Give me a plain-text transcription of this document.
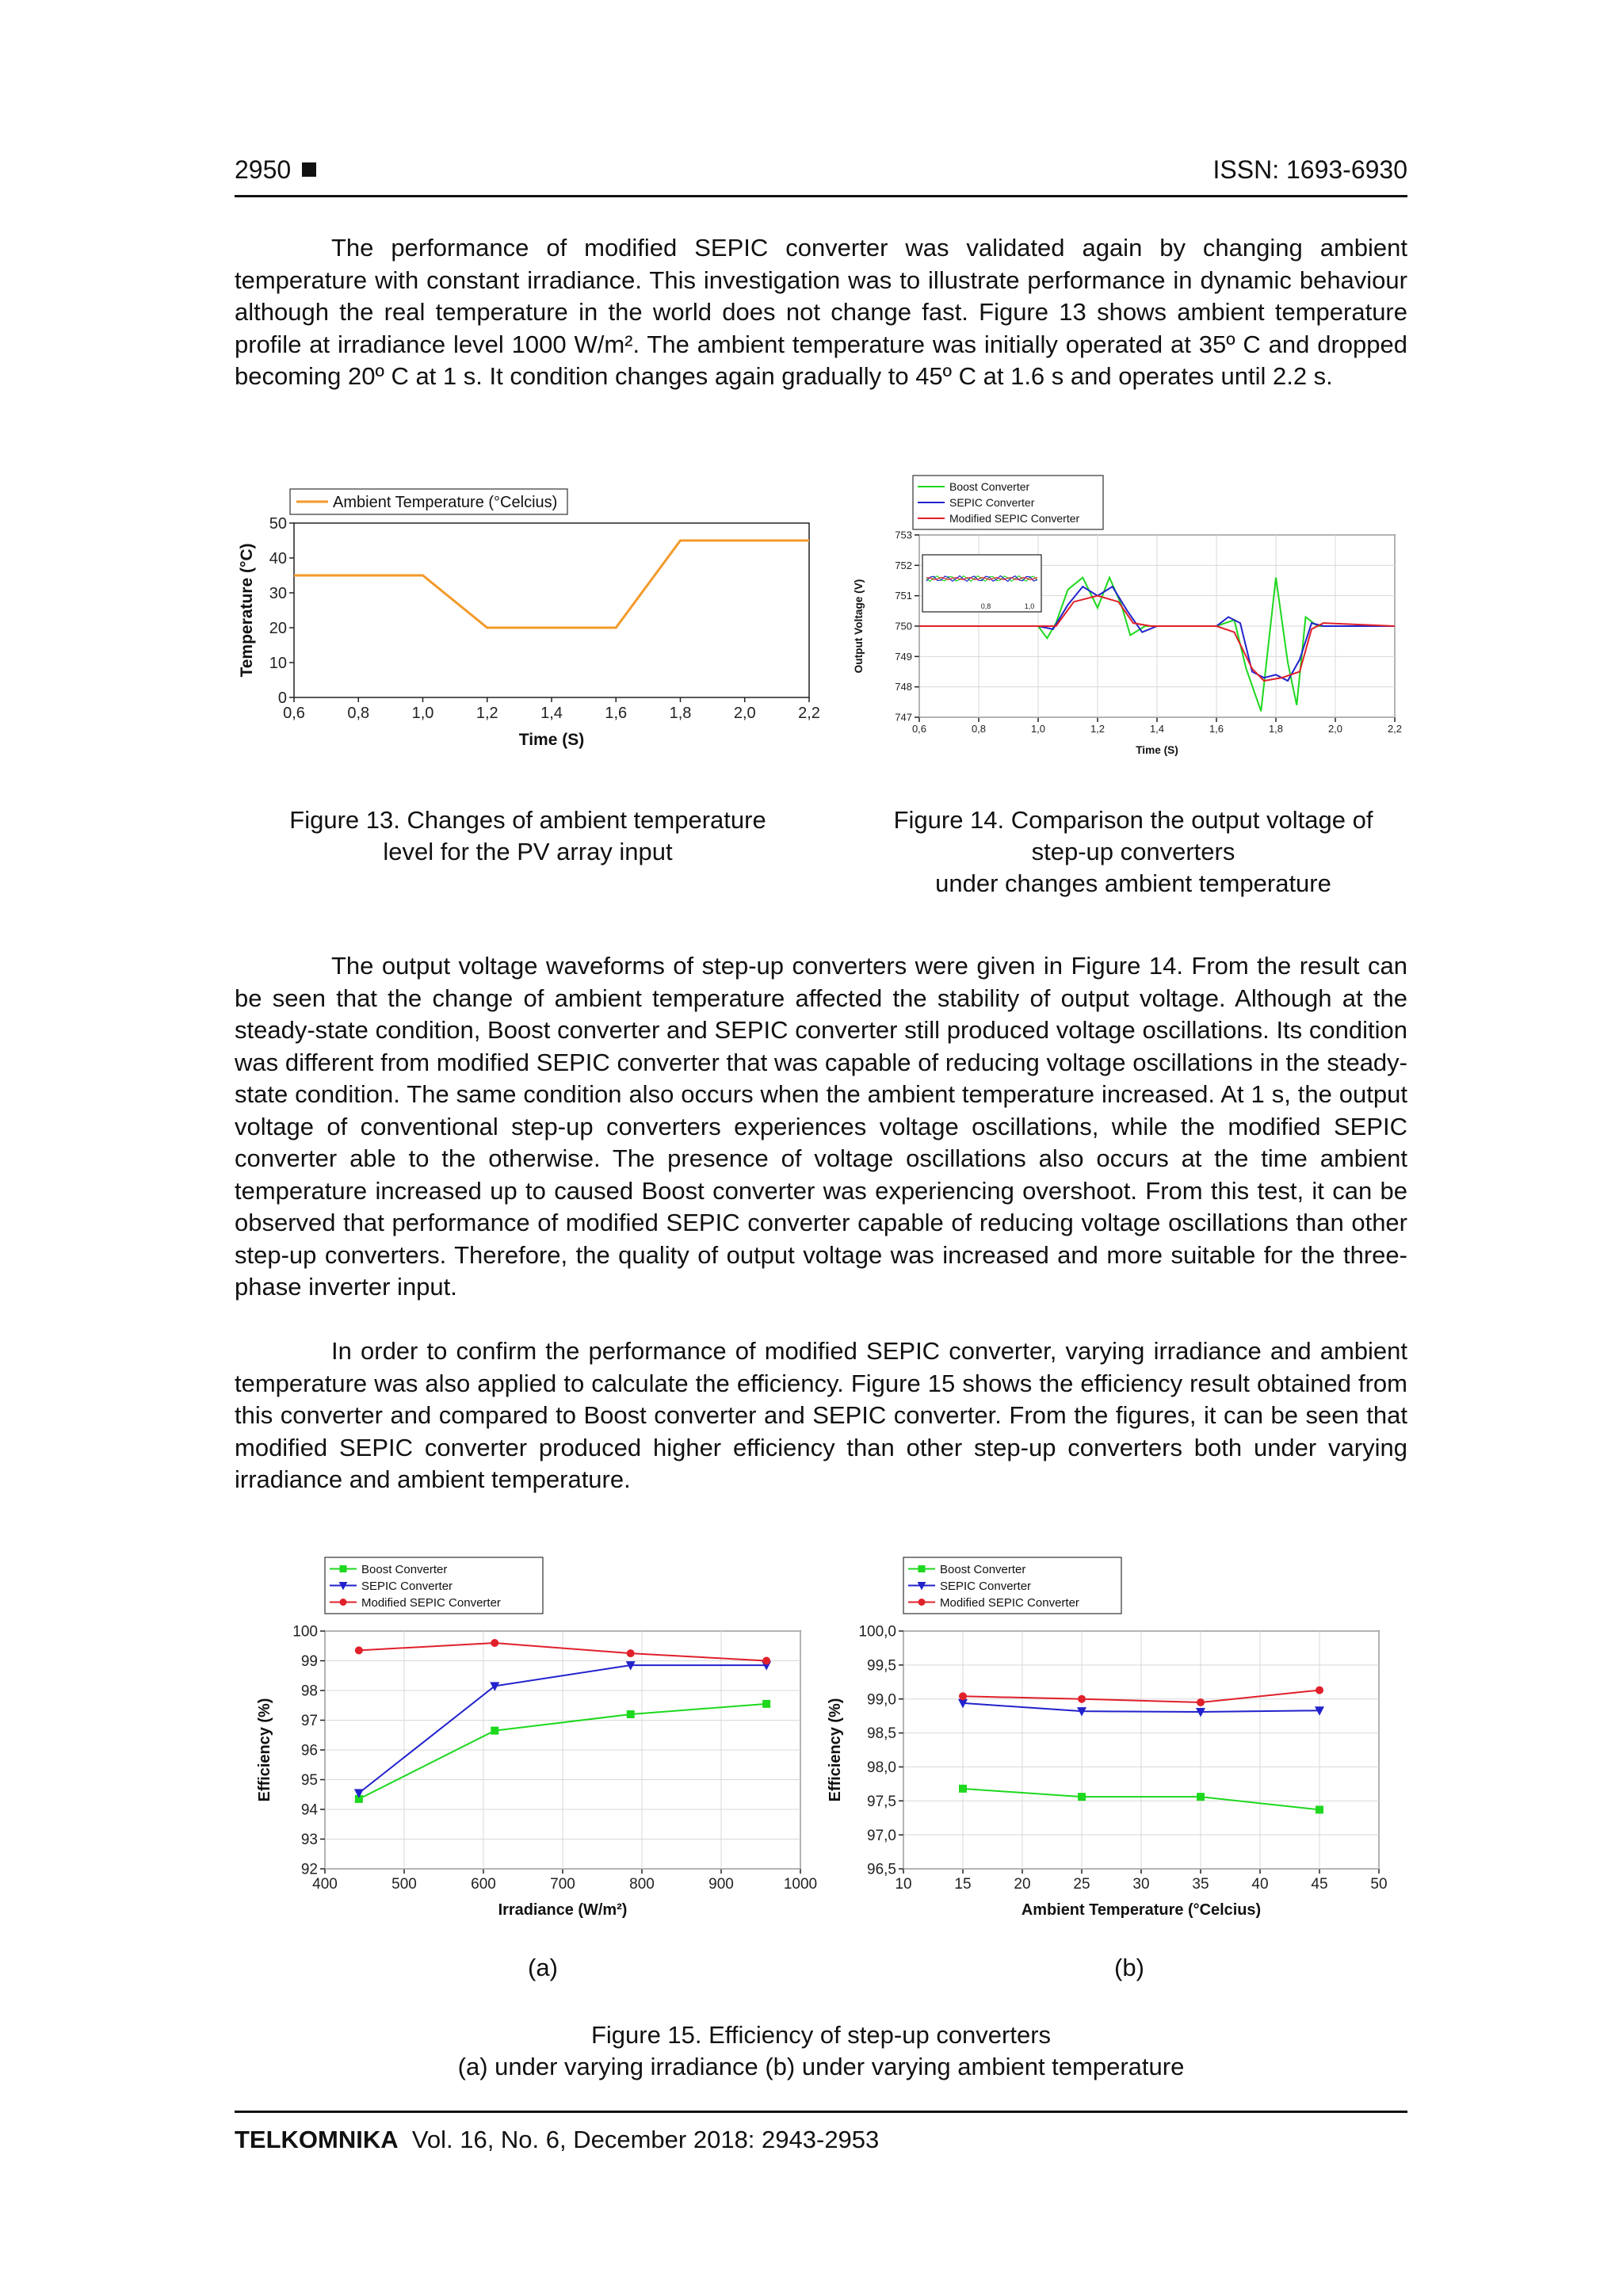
2950	ISSN: 1693-6930

The performance of modified SEPIC converter was validated again by changing ambient temperature with constant irradiance. This investigation was to illustrate performance in dynamic behaviour although the real temperature in the world does not change fast. Figure 13 shows ambient temperature profile at irradiance level 1000 W/m². The ambient temperature was initially operated at 35º C and dropped becoming 20º C at 1 s. It condition changes again gradually to 45º C at 1.6 s and operates until 2.2 s.

0,6	0,8	1,0	1,2	1,4	1,6	1,8	2,0	2,2
0
10
20
30
40
50
Time (S)
Temperature (°C)
Ambient Temperature (°Celcius)
0,6	0,8	1,0	1,2	1,4	1,6	1,8	2,0	2,2
747
748
749
750
751
752
753
Time (S)
Output Voltage (V)	0,8	1,0
Boost Converter
SEPIC Converter
Modified SEPIC Converter

Figure 13. Changes of ambient temperature
level for the PV array input

Figure 14. Comparison the output voltage of
step-up converters
under changes ambient temperature

The output voltage waveforms of step-up converters were given in Figure 14. From the result can be seen that the change of ambient temperature affected the stability of output voltage. Although at the steady-state condition, Boost converter and SEPIC converter still produced voltage oscillations. Its condition was different from modified SEPIC converter that was capable of reducing voltage oscillations in the steady-state condition. The same condition also occurs when the ambient temperature increased. At 1 s, the output voltage of conventional step-up converters experiences voltage oscillations, while the modified SEPIC converter able to the otherwise. The presence of voltage oscillations also occurs at the time ambient temperature increased up to caused Boost converter was experiencing overshoot. From this test, it can be observed that performance of modified SEPIC converter capable of reducing voltage oscillations than other step-up converters. Therefore, the quality of output voltage was increased and more suitable for the three-phase inverter input.

In order to confirm the performance of modified SEPIC converter, varying irradiance and ambient temperature was also applied to calculate the efficiency. Figure 15 shows the efficiency result obtained from this converter and compared to Boost converter and SEPIC converter. From the figures, it can be seen that modified SEPIC converter produced higher efficiency than other step-up converters both under varying irradiance and ambient temperature.

400	500	600	700	800	900	1000
92
93
94
95
96
97
98
99
100
Irradiance (W/m²)
Efficiency (%)
Boost Converter
SEPIC Converter
Modified SEPIC Converter
10	15	20	25	30	35	40	45	50
96,5
97,0
97,5
98,0
98,5
99,0
99,5
100,0
Ambient Temperature (°Celcius)
Efficiency (%)
Boost Converter
SEPIC Converter
Modified SEPIC Converter

(a)	(b)

Figure 15. Efficiency of step-up converters
(a) under varying irradiance (b) under varying ambient temperature

TELKOMNIKA Vol. 16, No. 6, December 2018: 2943-2953
